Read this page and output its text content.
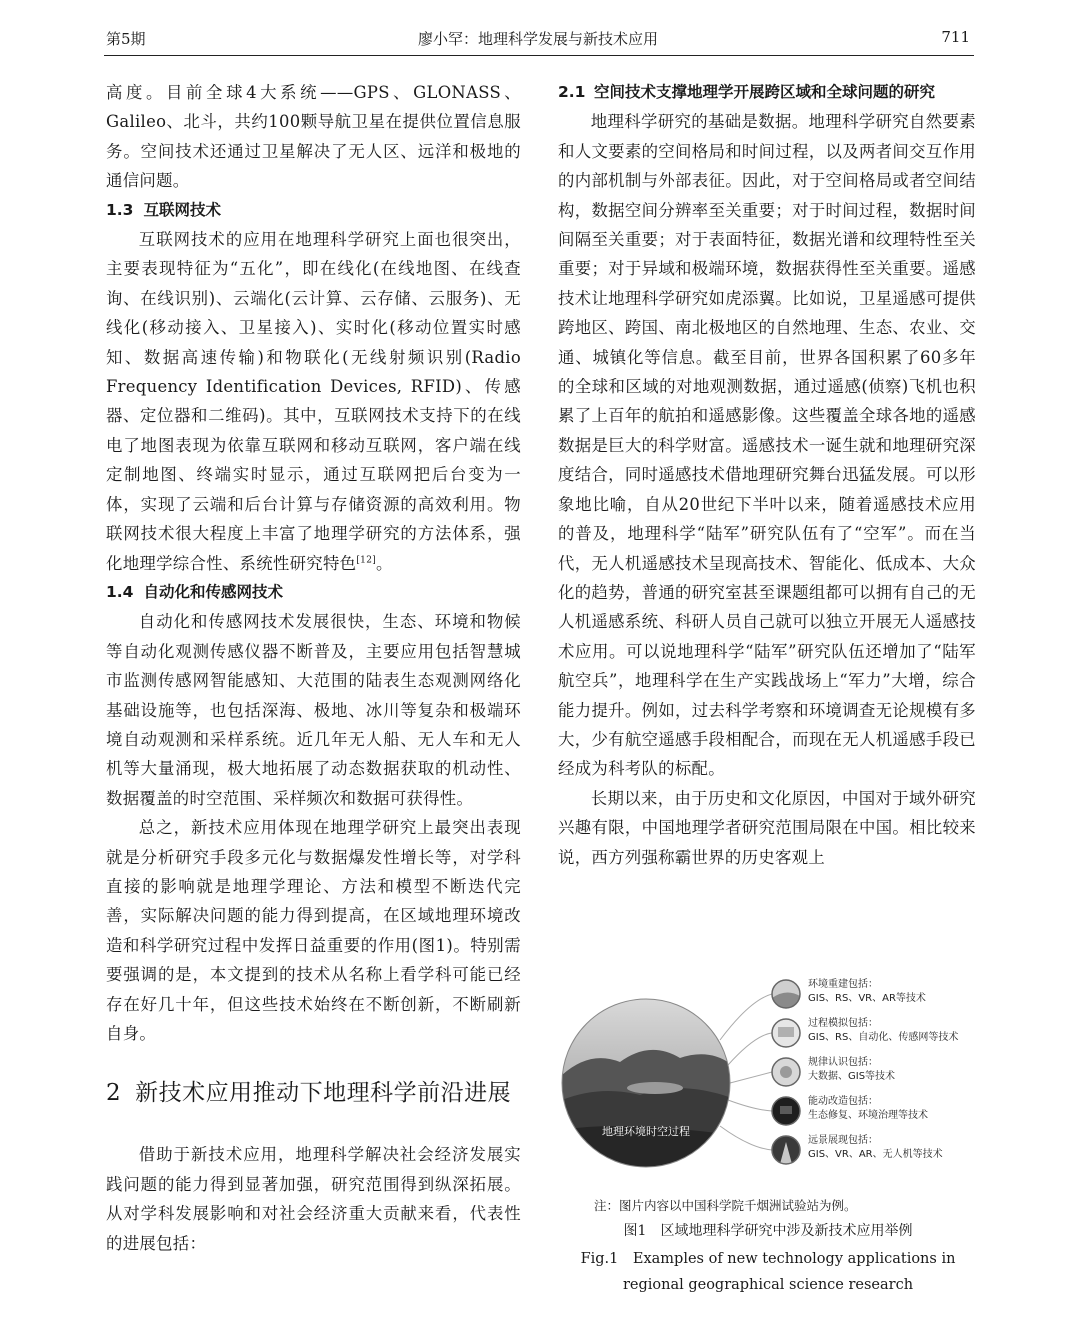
第5期	廖小罕：地理科学发展与新技术应用	711

高度。目前全球4大系统——GPS、GLONASS、Galileo、北斗，共约100颗导航卫星在提供位置信息服务。空间技术还通过卫星解决了无人区、远洋和极地的通信问题。

1.3 互联网技术

互联网技术的应用在地理科学研究上面也很突出，主要表现特征为“五化”，即在线化(在线地图、在线查询、在线识别)、云端化(云计算、云存储、云服务)、无线化(移动接入、卫星接入)、实时化(移动位置实时感知、数据高速传输)和物联化(无线射频识别(Radio Frequency Identification Devices, RFID)、传感器、定位器和二维码)。其中，互联网技术支持下的在线电了地图表现为依靠互联网和移动互联网，客户端在线定制地图、终端实时显示，通过互联网把后台变为一体，实现了云端和后台计算与存储资源的高效利用。物联网技术很大程度上丰富了地理学研究的方法体系，强化地理学综合性、系统性研究特色[12]。

1.4 自动化和传感网技术

自动化和传感网技术发展很快，生态、环境和物候等自动化观测传感仪器不断普及，主要应用包括智慧城市监测传感网智能感知、大范围的陆表生态观测网络化基础设施等，也包括深海、极地、冰川等复杂和极端环境自动观测和采样系统。近几年无人船、无人车和无人机等大量涌现，极大地拓展了动态数据获取的机动性、数据覆盖的时空范围、采样频次和数据可获得性。

总之，新技术应用体现在地理学研究上最突出表现就是分析研究手段多元化与数据爆发性增长等，对学科直接的影响就是地理学理论、方法和模型不断迭代完善，实际解决问题的能力得到提高，在区域地理环境改造和科学研究过程中发挥日益重要的作用(图1)。特别需要强调的是，本文提到的技术从名称上看学科可能已经存在好几十年，但这些技术始终在不断创新，不断刷新自身。

2 新技术应用推动下地理科学前沿进展

借助于新技术应用，地理科学解决社会经济发展实践问题的能力得到显著加强，研究范围得到纵深拓展。从对学科发展影响和对社会经济重大贡献来看，代表性的进展包括：

2.1 空间技术支撑地理学开展跨区域和全球问题的研究

地理科学研究的基础是数据。地理科学研究自然要素和人文要素的空间格局和时间过程，以及两者间交互作用的内部机制与外部表征。因此，对于空间格局或者空间结构，数据空间分辨率至关重要；对于时间过程，数据时间间隔至关重要；对于表面特征，数据光谱和纹理特性至关重要；对于异域和极端环境，数据获得性至关重要。遥感技术让地理科学研究如虎添翼。比如说，卫星遥感可提供跨地区、跨国、南北极地区的自然地理、生态、农业、交通、城镇化等信息。截至目前，世界各国积累了60多年的全球和区域的对地观测数据，通过遥感(侦察)飞机也积累了上百年的航拍和遥感影像。这些覆盖全球各地的遥感数据是巨大的科学财富。遥感技术一诞生就和地理研究深度结合，同时遥感技术借地理研究舞台迅猛发展。可以形象地比喻，自从20世纪下半叶以来，随着遥感技术应用的普及，地理科学“陆军”研究队伍有了“空军”。而在当代，无人机遥感技术呈现高技术、智能化、低成本、大众化的趋势，普通的研究室甚至课题组都可以拥有自己的无人机遥感系统、科研人员自己就可以独立开展无人遥感技术应用。可以说地理科学“陆军”研究队伍还增加了“陆军航空兵”，地理科学在生产实践战场上“军力”大增，综合能力提升。例如，过去科学考察和环境调查无论规模有多大，少有航空遥感手段相配合，而现在无人机遥感手段已经成为科考队的标配。

长期以来，由于历史和文化原因，中国对于域外研究兴趣有限，中国地理学者研究范围局限在中国。相比较来说，西方列强称霸世界的历史客观上

地理环境时空过程
环境重建包括：
GIS、RS、VR、AR等技术
过程模拟包括：
GIS、RS、自动化、传感网等技术
规律认识包括：
大数据、GIS等技术
能动改造包括：
生态修复、环境治理等技术
远景展现包括：
GIS、VR、AR、无人机等技术
注：图片内容以中国科学院千烟洲试验站为例。
图1　区域地理科学研究中涉及新技术应用举例
Fig.1　Examples of new technology applications in regional geographical science research
